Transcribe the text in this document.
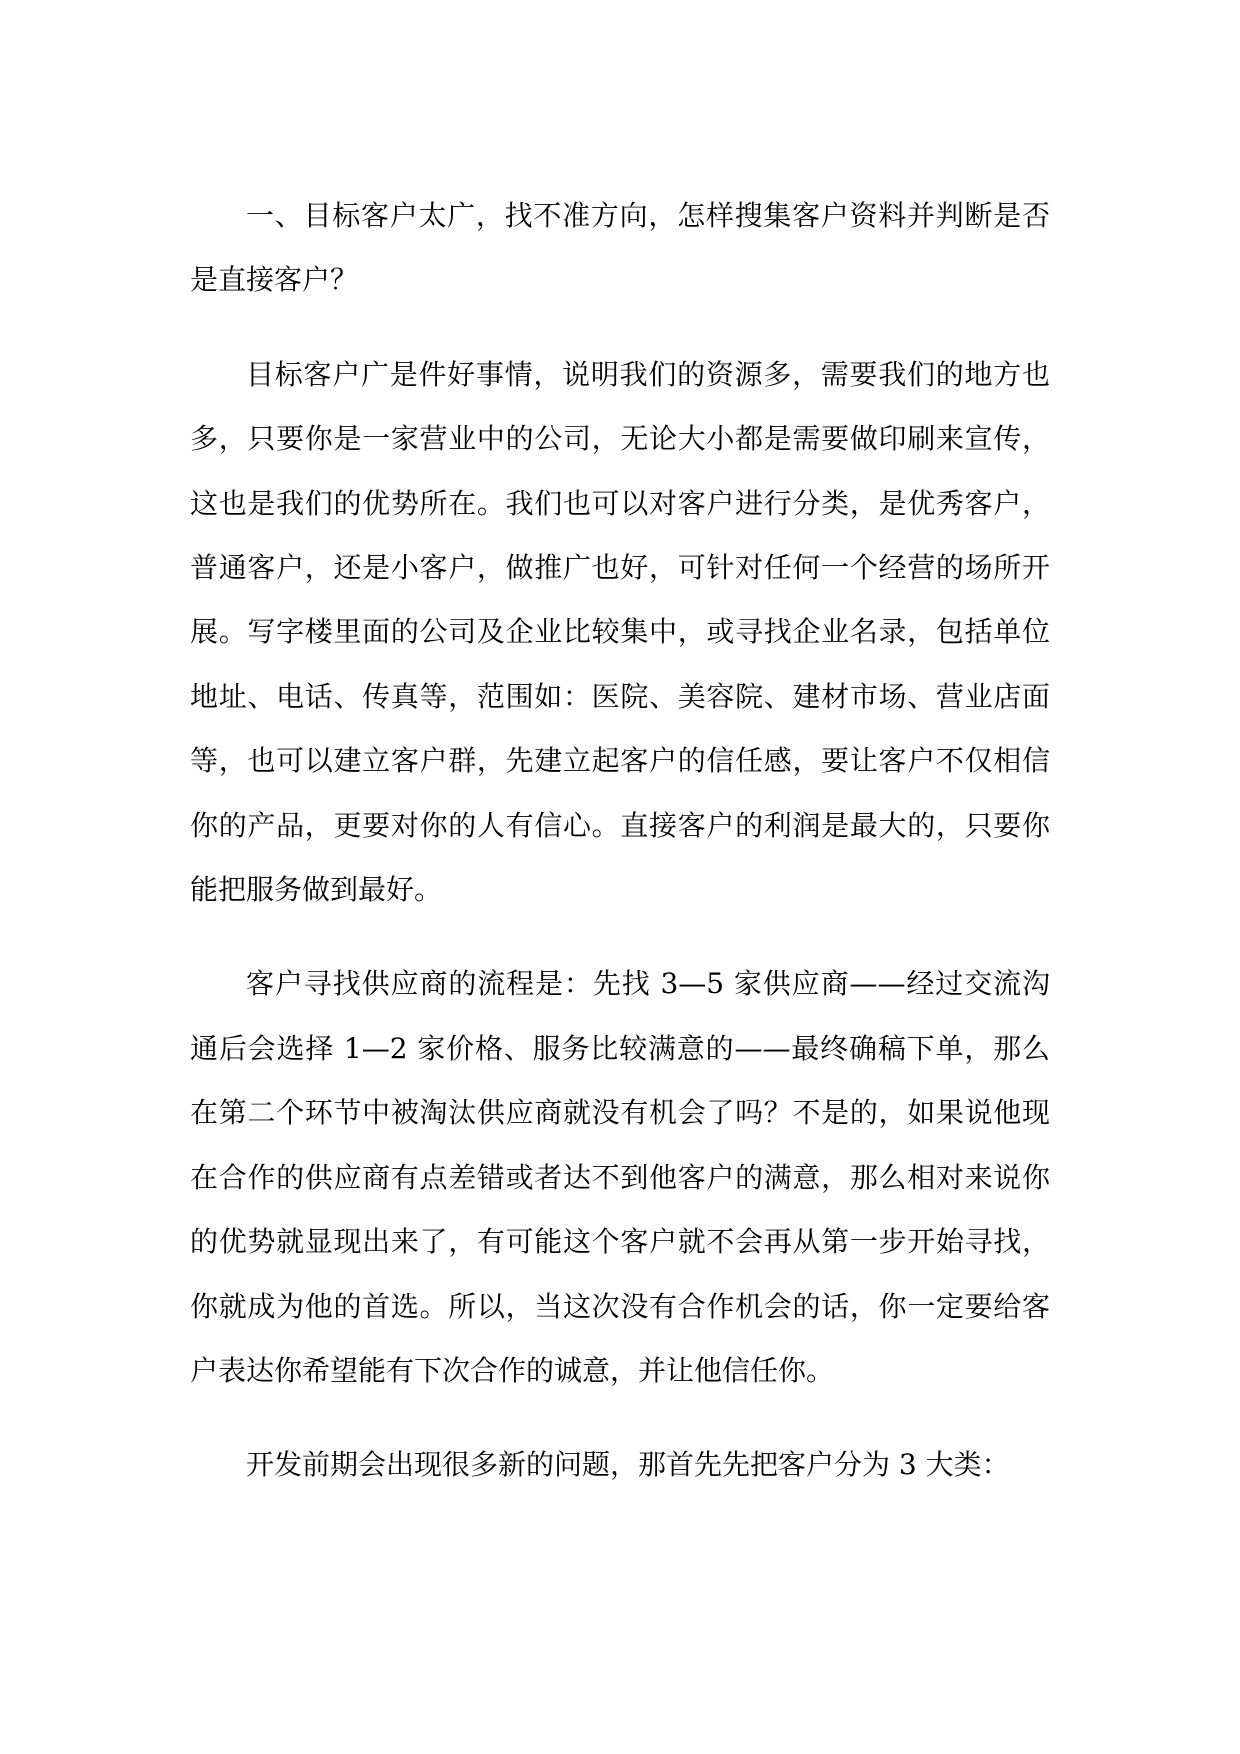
一、目标客户太广，找不准方向，怎样搜集客户资料并判断是否是直接客户？

目标客户广是件好事情，说明我们的资源多，需要我们的地方也多，只要你是一家营业中的公司，无论大小都是需要做印刷来宣传，这也是我们的优势所在。我们也可以对客户进行分类，是优秀客户，普通客户，还是小客户，做推广也好，可针对任何一个经营的场所开展。写字楼里面的公司及企业比较集中，或寻找企业名录，包括单位地址、电话、传真等，范围如：医院、美容院、建材市场、营业店面等，也可以建立客户群，先建立起客户的信任感，要让客户不仅相信你的产品，更要对你的人有信心。直接客户的利润是最大的，只要你能把服务做到最好。

客户寻找供应商的流程是：先找 3—5 家供应商——经过交流沟通后会选择 1—2 家价格、服务比较满意的——最终确稿下单，那么在第二个环节中被淘汰供应商就没有机会了吗？不是的，如果说他现在合作的供应商有点差错或者达不到他客户的满意，那么相对来说你的优势就显现出来了，有可能这个客户就不会再从第一步开始寻找，你就成为他的首选。所以，当这次没有合作机会的话，你一定要给客户表达你希望能有下次合作的诚意，并让他信任你。

开发前期会出现很多新的问题，那首先先把客户分为 3 大类：
